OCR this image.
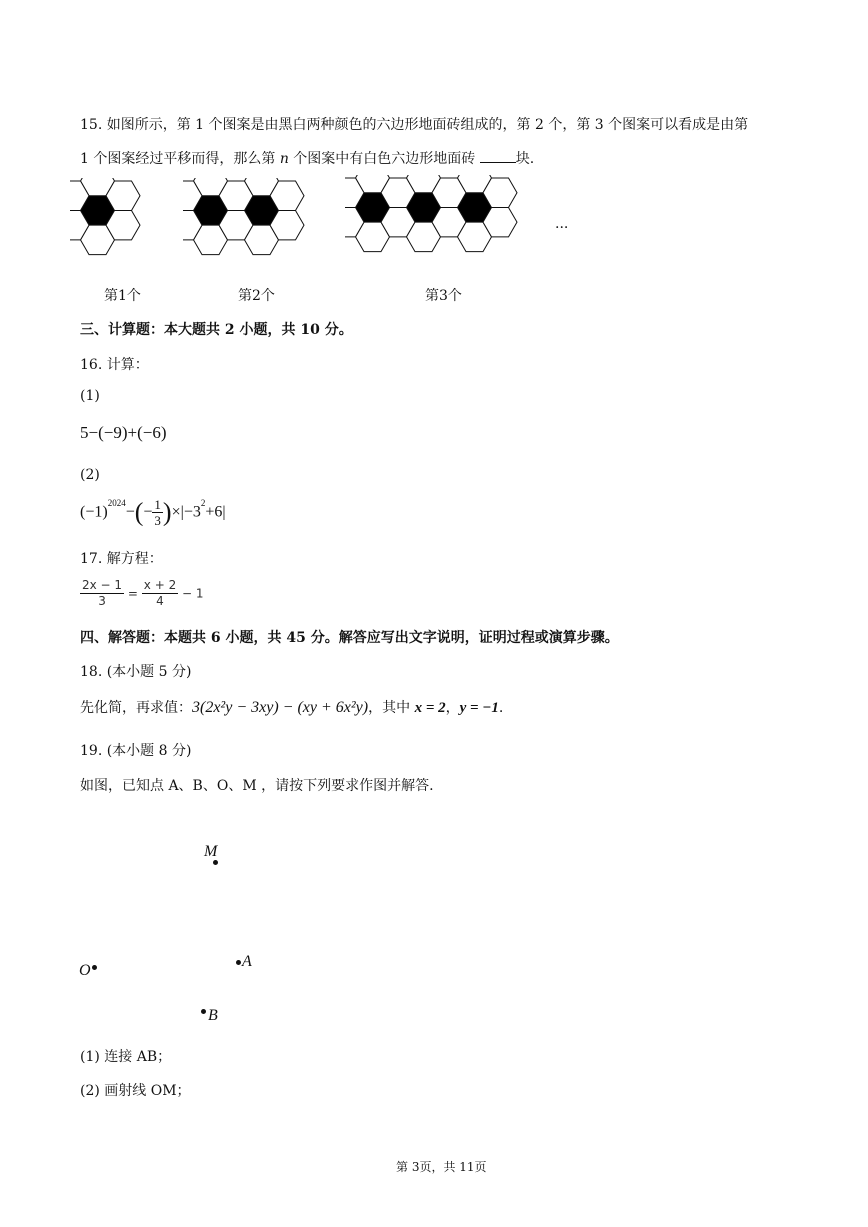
15. 如图所示，第 1 个图案是由黑白两种颜色的六边形地面砖组成的，第 2 个，第 3 个图案可以看成是由第
1 个图案经过平移而得，那么第 n 个图案中有白色六边形地面砖	块.
...
第1个	第2个	第3个
三、计算题：本大题共 2 小题，共 10 分。
16. 计算：
(1)
5−(−9)+(−6)
(2)
$(-1)^{2024}-(- \frac{1}{3} )\times|-3^2+6|$
17. 解方程：
$\frac{2x - 1}{3} = \frac{x + 2}{4} - 1$
四、解答题：本题共 6 小题，共 45 分。解答应写出文字说明，证明过程或演算步骤。
18. (本小题 5 分)
先化简，再求值：3(2x²y − 3xy) − (xy + 6x²y)，其中 x = 2，y = −1.
19. (本小题 8 分)
如图，已知点 A、B、O、M ，请按下列要求作图并解答.
M
A
O
B
(1) 连接 AB；
(2) 画射线 OM；
第 3页，共 11页
